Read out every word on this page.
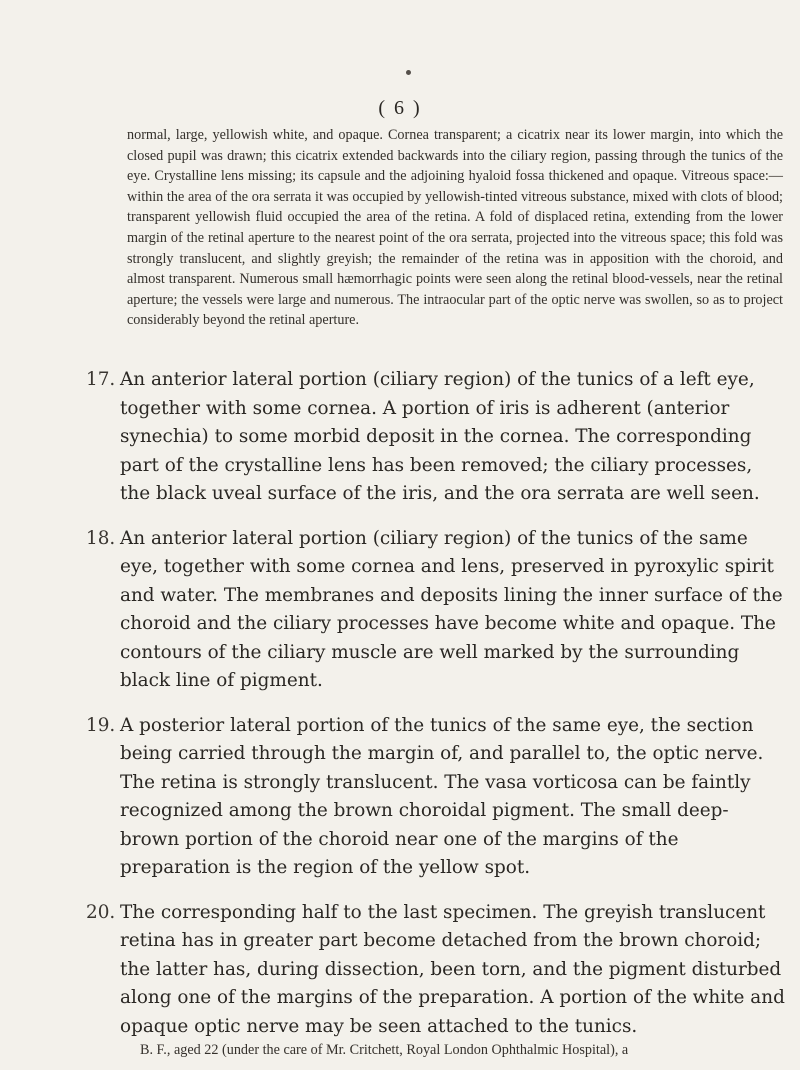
( 6 )

normal, large, yellowish white, and opaque. Cornea transparent; a cicatrix near its lower margin, into which the closed pupil was drawn; this cicatrix extended backwards into the ciliary region, passing through the tunics of the eye. Crystalline lens missing; its capsule and the adjoining hyaloid fossa thickened and opaque. Vitreous space:—within the area of the ora serrata it was occupied by yellowish-tinted vitreous substance, mixed with clots of blood; transparent yellowish fluid occupied the area of the retina. A fold of displaced retina, extending from the lower margin of the retinal aperture to the nearest point of the ora serrata, projected into the vitreous space; this fold was strongly translucent, and slightly greyish; the remainder of the retina was in apposition with the choroid, and almost transparent. Numerous small hæmorrhagic points were seen along the retinal blood-vessels, near the retinal aperture; the vessels were large and numerous. The intraocular part of the optic nerve was swollen, so as to project considerably beyond the retinal aperture.

17. An anterior lateral portion (ciliary region) of the tunics of a left eye, together with some cornea. A portion of iris is adherent (anterior synechia) to some morbid deposit in the cornea. The corresponding part of the crystalline lens has been removed; the ciliary processes, the black uveal surface of the iris, and the ora serrata are well seen.
18. An anterior lateral portion (ciliary region) of the tunics of the same eye, together with some cornea and lens, preserved in pyroxylic spirit and water. The membranes and deposits lining the inner surface of the choroid and the ciliary processes have become white and opaque. The contours of the ciliary muscle are well marked by the surrounding black line of pigment.
19. A posterior lateral portion of the tunics of the same eye, the section being carried through the margin of, and parallel to, the optic nerve. The retina is strongly translucent. The vasa vorticosa can be faintly recognized among the brown choroidal pigment. The small deep-brown portion of the choroid near one of the margins of the preparation is the region of the yellow spot.
20. The corresponding half to the last specimen. The greyish translucent retina has in greater part become detached from the brown choroid; the latter has, during dissection, been torn, and the pigment disturbed along one of the margins of the preparation. A portion of the white and opaque optic nerve may be seen attached to the tunics.
B. F., aged 22 (under the care of Mr. Critchett, Royal London Ophthalmic Hospital), a
